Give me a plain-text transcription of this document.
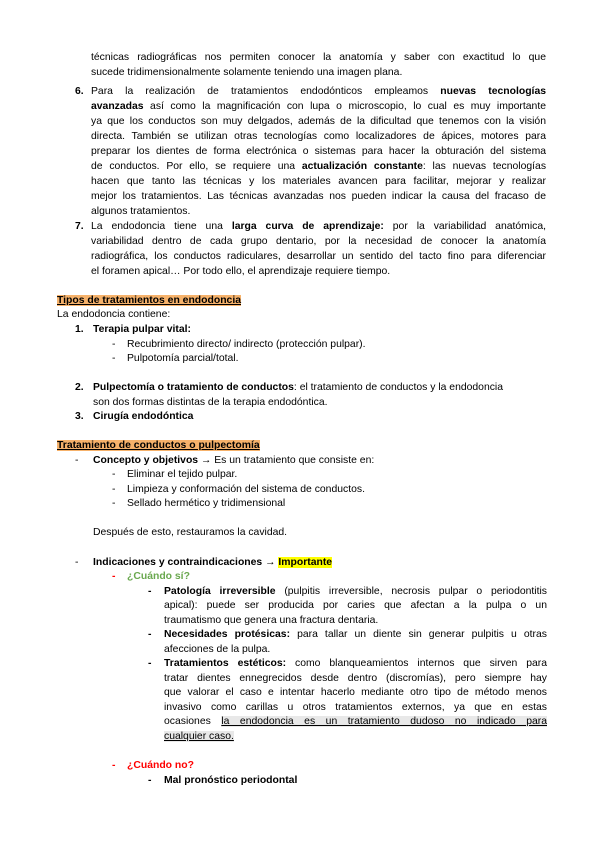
técnicas radiográficas nos permiten conocer la anatomía y saber con exactitud lo que
sucede tridimensionalmente solamente teniendo una imagen plana.
6. Para la realización de tratamientos endodónticos empleamos nuevas tecnologías
avanzadas así como la magnificación con lupa o microscopio, lo cual es muy importante
ya que los conductos son muy delgados, además de la dificultad que tenemos con la visión
directa. También se utilizan otras tecnologías como localizadores de ápices, motores para
preparar los dientes de forma electrónica o sistemas para hacer la obturación del sistema
de conductos. Por ello, se requiere una actualización constante: las nuevas tecnologías
hacen que tanto las técnicas y los materiales avancen para facilitar, mejorar y realizar
mejor los tratamientos. Las técnicas avanzadas nos pueden indicar la causa del fracaso de
algunos tratamientos.
7. La endodoncia tiene una larga curva de aprendizaje: por la variabilidad anatómica,
variabilidad dentro de cada grupo dentario, por la necesidad de conocer la anatomía
radiográfica, los conductos radiculares, desarrollar un sentido del tacto fino para diferenciar
el foramen apical… Por todo ello, el aprendizaje requiere tiempo.
Tipos de tratamientos en endodoncia
La endodoncia contiene:
1. Terapia pulpar vital:
- Recubrimiento directo/ indirecto (protección pulpar).
- Pulpotomía parcial/total.
2. Pulpectomía o tratamiento de conductos: el tratamiento de conductos y la endodoncia
son dos formas distintas de la terapia endodóntica.
3. Cirugía endodóntica
Tratamiento de conductos o pulpectomía
- Concepto y objetivos → Es un tratamiento que consiste en:
- Eliminar el tejido pulpar.
- Limpieza y conformación del sistema de conductos.
- Sellado hermético y tridimensional
Después de esto, restauramos la cavidad.
- Indicaciones y contraindicaciones → Importante
- ¿Cuándo sí?
- Patología irreversible (pulpitis irreversible, necrosis pulpar o periodontitis
apical): puede ser producida por caries que afectan a la pulpa o un
traumatismo que genera una fractura dentaria.
- Necesidades protésicas: para tallar un diente sin generar pulpitis u otras
afecciones de la pulpa.
- Tratamientos estéticos: como blanqueamientos internos que sirven para
tratar dientes ennegrecidos desde dentro (discromías), pero siempre hay
que valorar el caso e intentar hacerlo mediante otro tipo de método menos
invasivo como carillas u otros tratamientos externos, ya que en estas
ocasiones la endodoncia es un tratamiento dudoso no indicado para
cualquier caso.
- ¿Cuándo no?
- Mal pronóstico periodontal
